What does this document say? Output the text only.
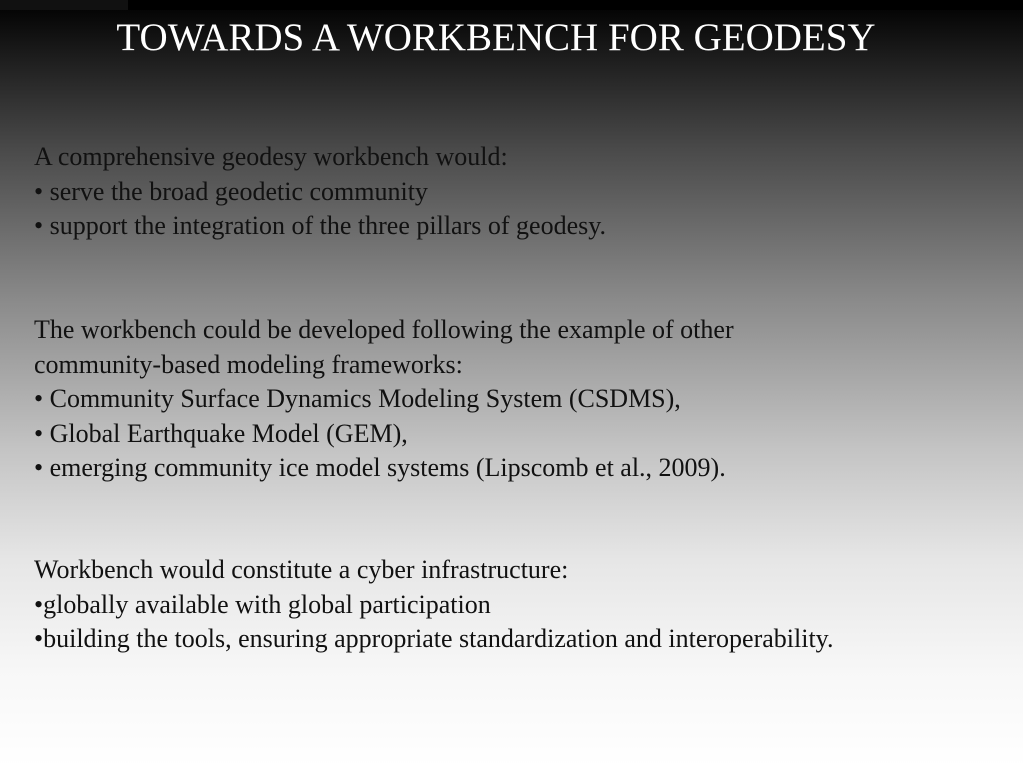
TOWARDS A WORKBENCH FOR GEODESY
A comprehensive geodesy workbench would:
• serve the broad geodetic community
• support the integration of the three pillars of geodesy.
The workbench could be developed following the example of other
community-based modeling frameworks:
• Community Surface Dynamics Modeling System (CSDMS),
• Global Earthquake Model (GEM),
• emerging community ice model systems (Lipscomb et al., 2009).
Workbench would constitute a cyber infrastructure:
•globally available with global participation
•building the tools, ensuring appropriate standardization and interoperability.
